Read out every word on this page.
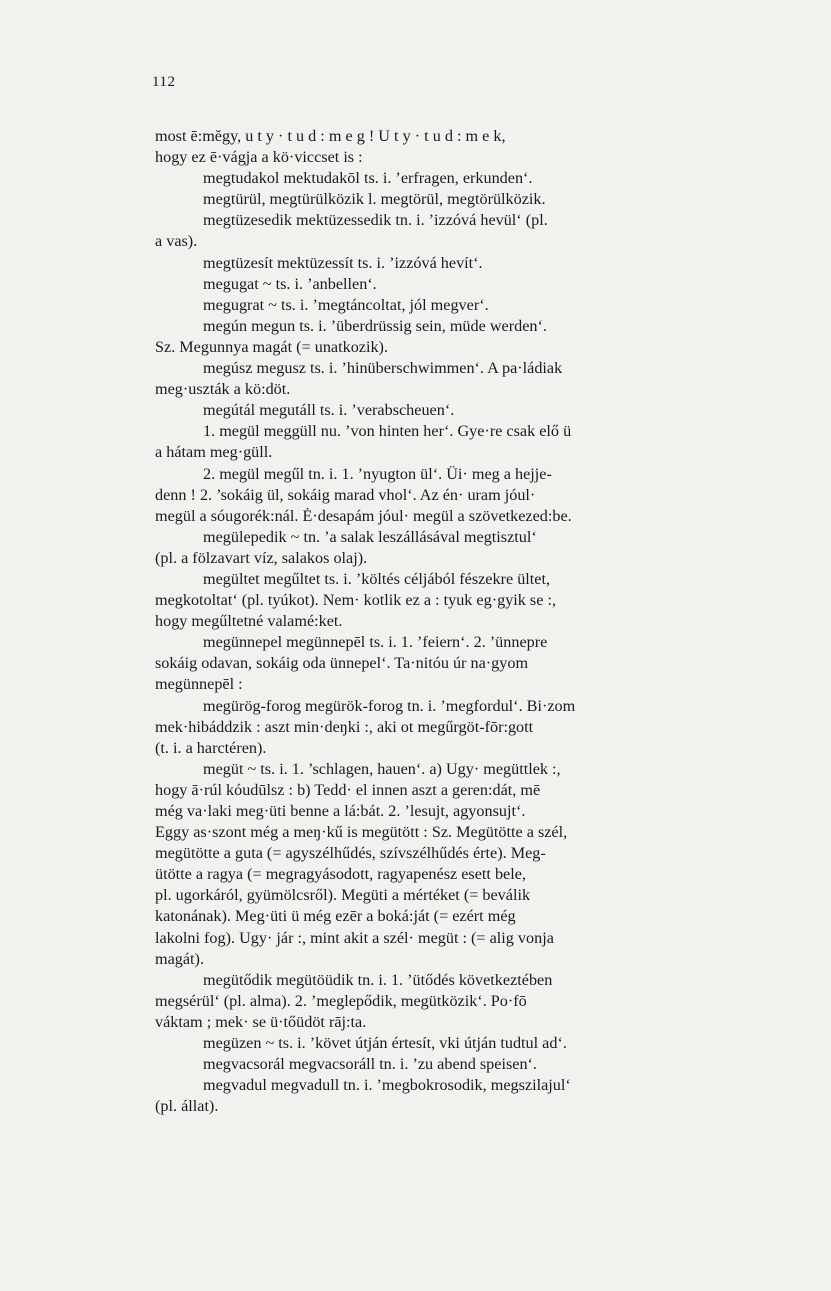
112
most ē:mĕgy, u t y · t u d : m e g ! U t y · t u d : m e k,
hogy ez ē·vágja a kö·viccset is :
megtudakol mektudakōl ts. i. ’erfragen, erkunden‘.
megtürül, megtürülközik l. megtörül, megtörülközik.
megtüzesedik mektüzessedik tn. i. ’izzóvá hevül‘ (pl.
a vas).
megtüzesít mektüzessít ts. i. ’izzóvá hevít‘.
megugat ~ ts. i. ’anbellen‘.
megugrat ~ ts. i. ’megtáncoltat, jól megver‘.
megún megun ts. i. ’überdrüssig sein, müde werden‘.
Sz. Megunnya magát (= unatkozik).
megúsz megusz ts. i. ’hinüberschwimmen‘. A pa·ládiak
meg·uszták a kö:döt.
megútál megutáll ts. i. ’verabscheuen‘.
1. megül meggüll nu. ’von hinten her‘. Gye·re csak elő ü
a hátam meg·güll.
2. megül megűl tn. i. 1. ’nyugton ül‘. Üi· meg a hejje-
denn ! 2. ’sokáig ül, sokáig marad vhol‘. Az én· uram jóul·
megül a sóugorék:nál. Ė·desapám jóul· megül a szövetkezed:be.
megülepedik ~ tn. ’a salak leszállásával megtisztul‘
(pl. a fölzavart víz, salakos olaj).
megültet megűltet ts. i. ’költés céljából fészekre ültet,
megkotoltat‘ (pl. tyúkot). Nem· kotlik ez a : tyuk eg·gyik se :,
hogy megűltetné valamé:ket.
megünnepel megünnepēl ts. i. 1. ’feiern‘. 2. ’ünnepre
sokáig odavan, sokáig oda ünnepel‘. Ta·nitóu úr na·gyom
megünnepēl :
megürög-forog megürök-forog tn. i. ’megfordul‘. Bi·zom
mek·hibáddzik : aszt min·deŋki :, aki ot megűrgöt-fōr:gott
(t. i. a harctéren).
megüt ~ ts. i. 1. ’schlagen, hauen‘. a) Ugy· megüttlek :,
hogy ā·rúl kóudūlsz : b) Tedd· el innen aszt a geren:dát, mē
még va·laki meg·üti benne a lá:bát. 2. ’lesujt, agyonsujt‘.
Eggy as·szont még a meŋ·kű is megütött : Sz. Megütötte a szél,
megütötte a guta (= agyszélhűdés, szívszélhűdés érte). Meg-
ütötte a ragya (= megragyásodott, ragyapenész esett bele,
pl. ugorkáról, gyümölcsről). Megüti a mértéket (= beválik
katonának). Meg·üti ü még ezēr a boká:ját (= ezért még
lakolni fog). Ugy· jár :, mint akit a szél· megüt : (= alig vonja
magát).
megütődik megütöüdik tn. i. 1. ’ütődés következtében
megsérül‘ (pl. alma). 2. ’meglepődik, megütközik‘. Po·fō
váktam ; mek· se ü·tőüdöt rāj:ta.
megüzen ~ ts. i. ’követ útján értesít, vki útján tudtul ad‘.
megvacsorál megvacsoráll tn. i. ’zu abend speisen‘.
megvadul megvadull tn. i. ’megbokrosodik, megszilajul‘
(pl. állat).
